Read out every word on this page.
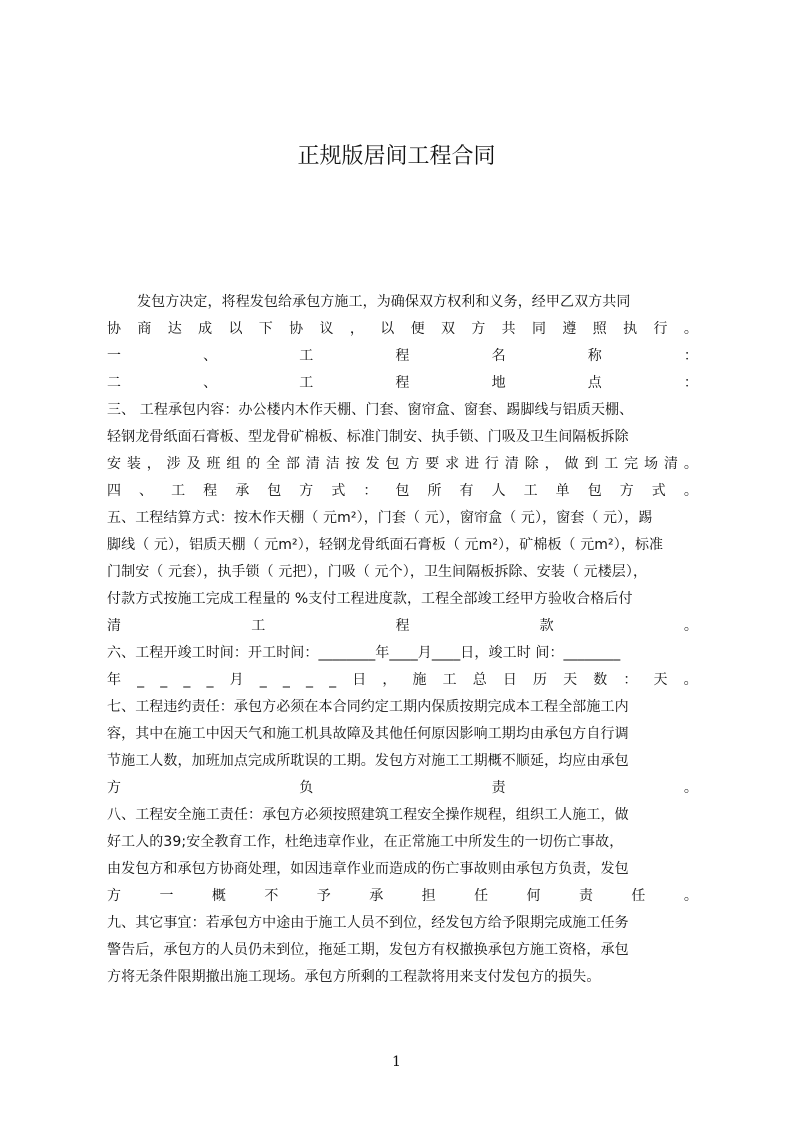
正规版居间工程合同
发包方决定，将程发包给承包方施工，为确保双方权利和义务，经甲乙双方共同
协 商 达 成 以 下 协 议 ， 以 便 双 方 共 同 遵 照 执 行 。
一	、	工	程	名	称	：
二	、	工	程	地	点	：
三、 工程承包内容：办公楼内木作天棚、门套、窗帘盒、窗套、踢脚线与铝质天棚、
轻钢龙骨纸面石膏板、型龙骨矿棉板、标准门制安、执手锁、门吸及卫生间隔板拆除
安 装 ， 涉 及 班 组 的 全 部 清 洁 按 发 包 方 要 求 进 行 清 除 ， 做 到 工 完 场 清 。
四 、 工 程 承 包 方 式 ： 包 所 有 人 工 单 包 方 式 。
五、工程结算方式：按木作天棚（ 元m²），门套（ 元），窗帘盒（ 元），窗套（ 元），踢
脚线（ 元），铝质天棚（ 元m²），轻钢龙骨纸面石膏板（ 元m²），矿棉板（ 元m²），标准
门制安（ 元套），执手锁（ 元把），门吸（ 元个），卫生间隔板拆除、安装（ 元楼层），
付款方式按施工完成工程量的 %支付工程进度款，工程全部竣工经甲方验收合格后付
清	工	程	款	。
六、工程开竣工时间：开工时间：________年____月____日，竣工时 间：________
年 _ _ _ _ 月 _ _ _ _ 日 ， 施 工 总 日 历 天 数 ： 天 。
七、工程违约责任：承包方必须在本合同约定工期内保质按期完成本工程全部施工内
容，其中在施工中因天气和施工机具故障及其他任何原因影响工期均由承包方自行调
节施工人数，加班加点完成所耽误的工期。发包方对施工工期概不顺延，均应由承包
方	负	责	。
八、工程安全施工责任：承包方必须按照建筑工程安全操作规程，组织工人施工，做
好工人的39;安全教育工作，杜绝违章作业，在正常施工中所发生的一切伤亡事故，
由发包方和承包方协商处理，如因违章作业而造成的伤亡事故则由承包方负责，发包
方	一	概	不	予	承	担	任	何	责	任	。
九、其它事宜：若承包方中途由于施工人员不到位，经发包方给予限期完成施工任务
警告后，承包方的人员仍未到位，拖延工期，发包方有权撤换承包方施工资格，承包
方将无条件限期撤出施工现场。承包方所剩的工程款将用来支付发包方的损失。
1
